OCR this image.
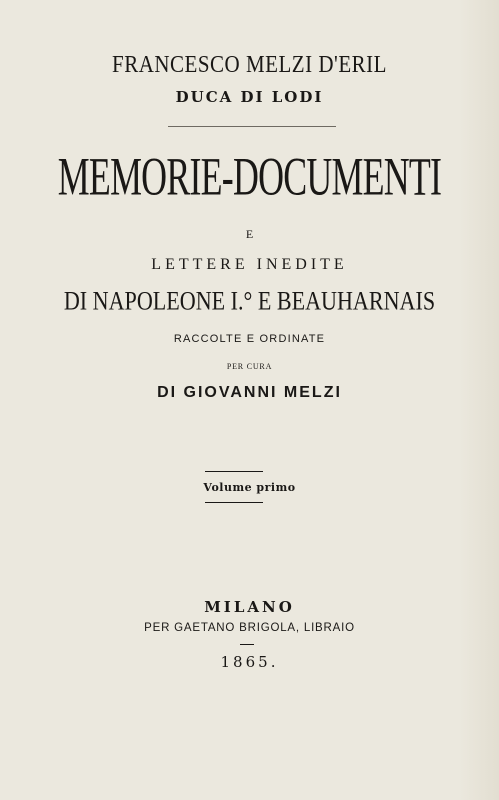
FRANCESCO MELZI D'ERIL
DUCA DI LODI
MEMORIE-DOCUMENTI
E
LETTERE INEDITE
DI NAPOLEONE I.° E BEAUHARNAIS
RACCOLTE E ORDINATE
PER CURA
DI GIOVANNI MELZI
Volume primo
MILANO
PER GAETANO BRIGOLA, LIBRAIO
1865.
